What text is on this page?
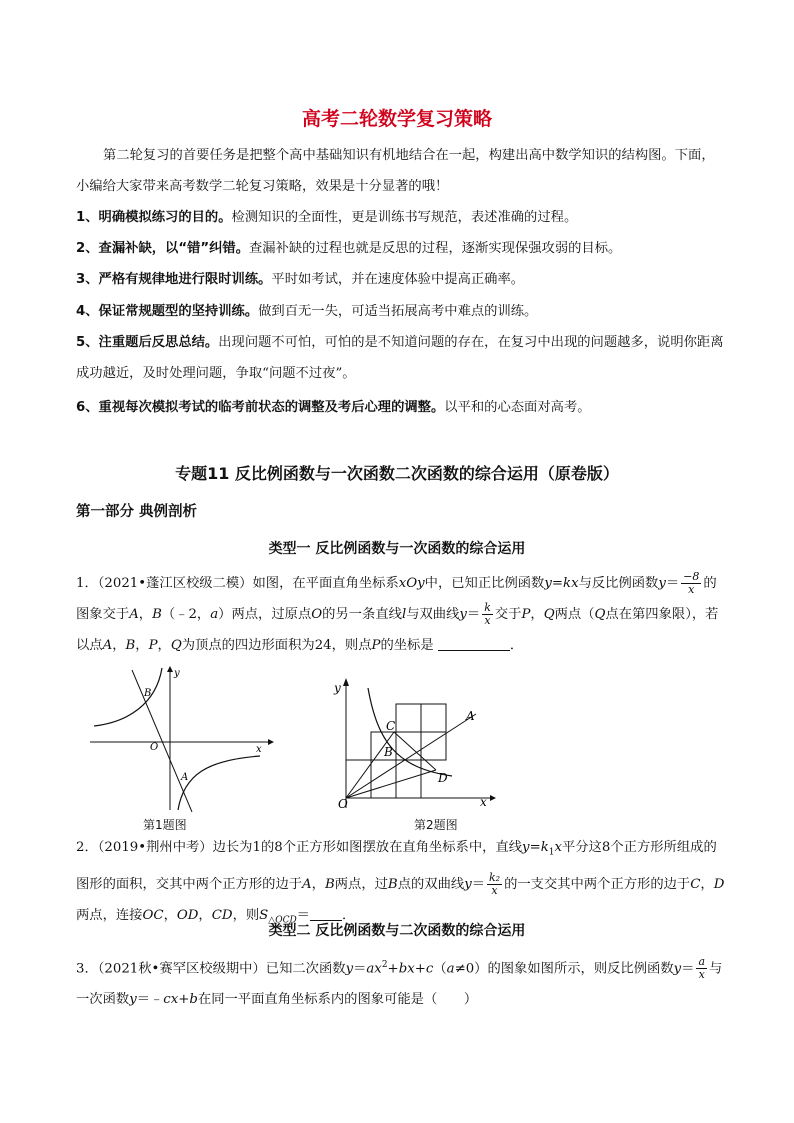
高考二轮数学复习策略
第二轮复习的首要任务是把整个高中基础知识有机地结合在一起，构建出高中数学知识的结构图。下面，小编给大家带来高考数学二轮复习策略，效果是十分显著的哦！
1、明确模拟练习的目的。检测知识的全面性，更是训练书写规范，表述准确的过程。
2、查漏补缺，以“错”纠错。查漏补缺的过程也就是反思的过程，逐渐实现保强攻弱的目标。
3、严格有规律地进行限时训练。平时如考试，并在速度体验中提高正确率。
4、保证常规题型的坚持训练。做到百无一失，可适当拓展高考中难点的训练。
5、注重题后反思总结。出现问题不可怕，可怕的是不知道问题的存在，在复习中出现的问题越多，说明你距离成功越近，及时处理问题，争取“问题不过夜”。
6、重视每次模拟考试的临考前状态的调整及考后心理的调整。以平和的心态面对高考。
专题11 反比例函数与一次函数二次函数的综合运用（原卷版）
第一部分 典例剖析
类型一 反比例函数与一次函数的综合运用
1．（2021•蓬江区校级二模）如图，在平面直角坐标系xOy中，已知正比例函数y=kx与反比例函数$y= \frac{-8}{x}$ 的图象交于A，B（﹣2，a）两点，过原点O的另一条直线l与双曲线$y= \frac{k}{x}$ 交于P，Q两点（Q点在第四象限），若以点A，B，P，Q为顶点的四边形面积为24，则点P的坐标是	．
y
x
O
B
A
第1题图
y
x
O
A
B
C
D
第2题图
2．（2019•荆州中考）边长为1的8个正方形如图摆放在直角坐标系中，直线$y=k_1x$平分这8个正方形所组成的图形的面积，交其中两个正方形的边于A，B两点，过B点的双曲线$y= \frac{\text{k₂}}{x}$ 的一支交其中两个正方形的边于C，D两点，连接OC，OD，CD，则$S_{\triangle OCD}=$ ．
类型二 反比例函数与二次函数的综合运用
3．（2021秋•赛罕区校级期中）已知二次函数$y=ax^2+bx+c(a\ne 0)$的图象如图所示，则反比例函数$y= \frac{a}{x}$ 与一次函数y＝﹣cx+b在同一平面直角坐标系内的图象可能是（　　）
